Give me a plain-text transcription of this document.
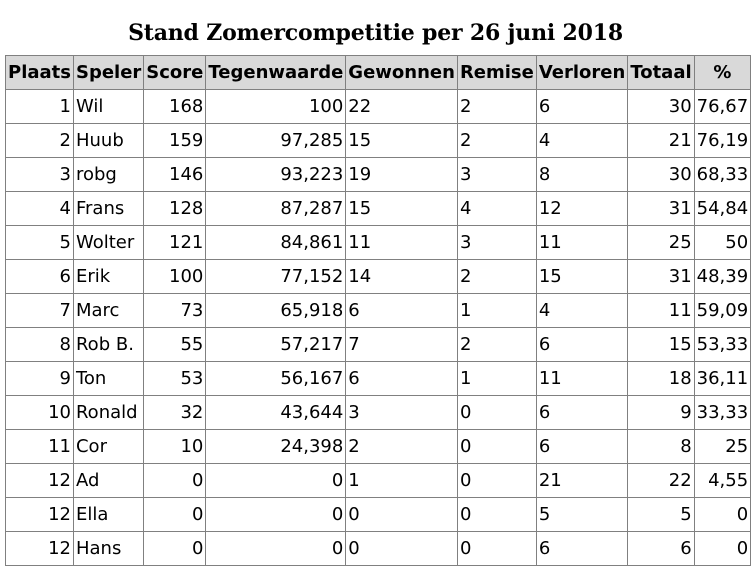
Stand Zomercompetitie per 26 juni 2018
Plaats	Speler	Score	Tegenwaarde	Gewonnen	Remise	Verloren	Totaal	%
1	Wil	168	100	22	2	6	30	76,67
2	Huub	159	97,285	15	2	4	21	76,19
3	robg	146	93,223	19	3	8	30	68,33
4	Frans	128	87,287	15	4	12	31	54,84
5	Wolter	121	84,861	11	3	11	25	50
6	Erik	100	77,152	14	2	15	31	48,39
7	Marc	73	65,918	6	1	4	11	59,09
8	Rob B.	55	57,217	7	2	6	15	53,33
9	Ton	53	56,167	6	1	11	18	36,11
10	Ronald	32	43,644	3	0	6	9	33,33
11	Cor	10	24,398	2	0	6	8	25
12	Ad	0	0	1	0	21	22	4,55
12	Ella	0	0	0	0	5	5	0
12	Hans	0	0	0	0	6	6	0
